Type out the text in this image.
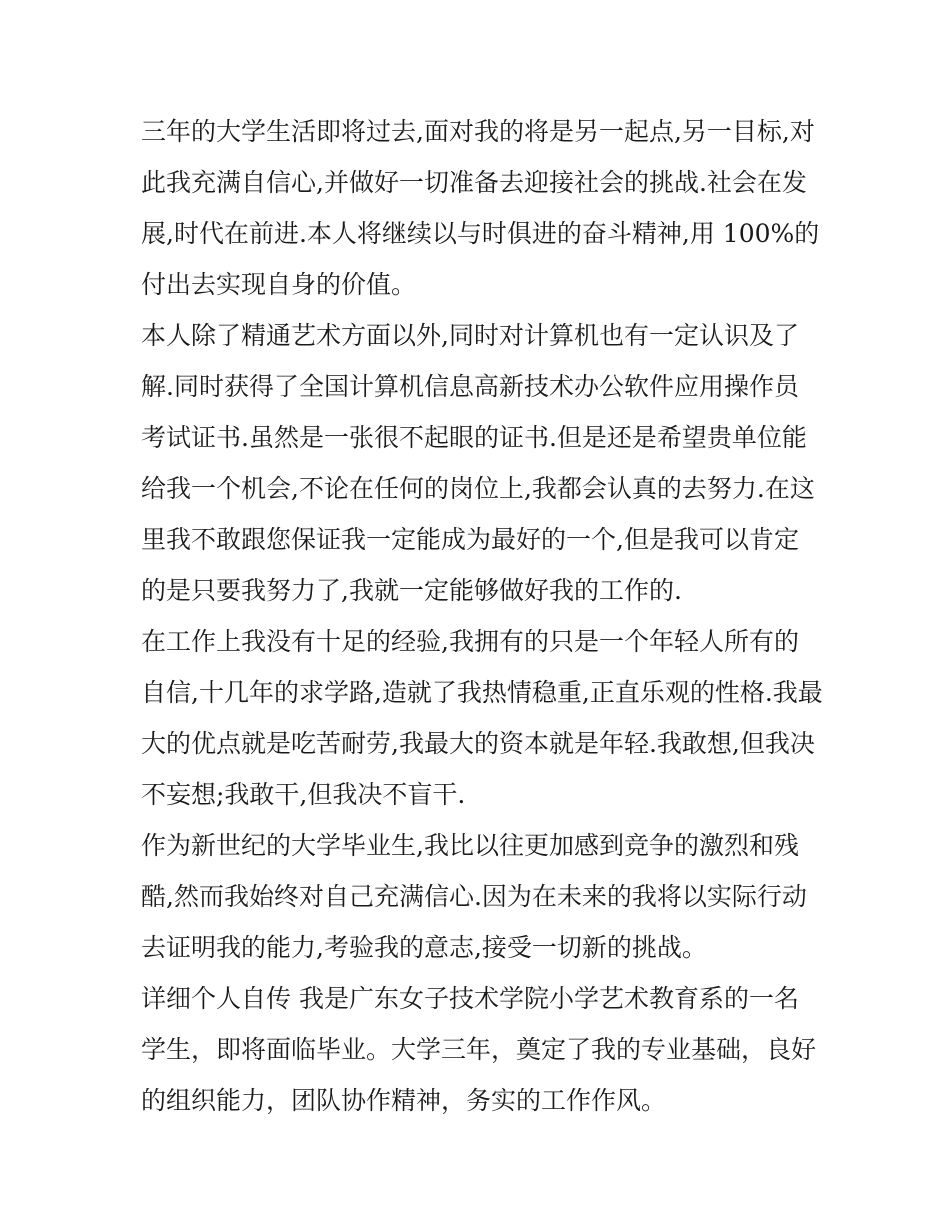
三年的大学生活即将过去,面对我的将是另一起点,另一目标,对
此我充满自信心,并做好一切准备去迎接社会的挑战.社会在发
展,时代在前进.本人将继续以与时俱进的奋斗精神,用 100%的
付出去实现自身的价值。
本人除了精通艺术方面以外,同时对计算机也有一定认识及了
解.同时获得了全国计算机信息高新技术办公软件应用操作员
考试证书.虽然是一张很不起眼的证书.但是还是希望贵单位能
给我一个机会,不论在任何的岗位上,我都会认真的去努力.在这
里我不敢跟您保证我一定能成为最好的一个,但是我可以肯定
的是只要我努力了,我就一定能够做好我的工作的.
在工作上我没有十足的经验,我拥有的只是一个年轻人所有的
自信,十几年的求学路,造就了我热情稳重,正直乐观的性格.我最
大的优点就是吃苦耐劳,我最大的资本就是年轻.我敢想,但我决
不妄想;我敢干,但我决不盲干.
作为新世纪的大学毕业生,我比以往更加感到竞争的激烈和残
酷,然而我始终对自己充满信心.因为在未来的我将以实际行动
去证明我的能力,考验我的意志,接受一切新的挑战。
详细个人自传 我是广东女子技术学院小学艺术教育系的一名
学生，即将面临毕业。大学三年，奠定了我的专业基础，良好
的组织能力，团队协作精神，务实的工作作风。
